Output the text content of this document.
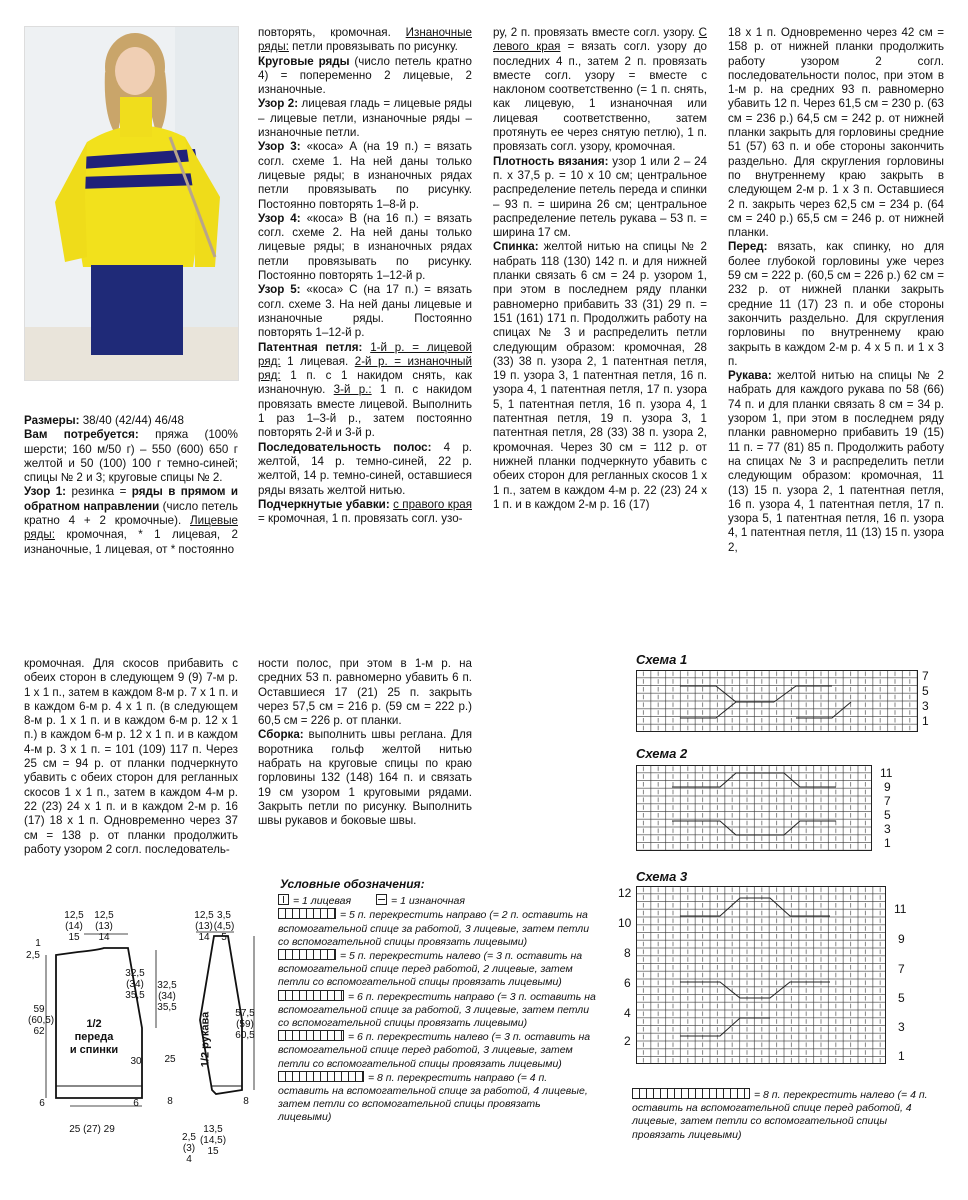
Размеры: 38/40 (42/44) 46/48

Вам потребуется: пряжа (100% шерсти; 160 м/50 г) – 550 (600) 650 г желтой и 50 (100) 100 г темно-синей; спицы № 2 и 3; круговые спицы № 2.

Узор 1: резинка = ряды в прямом и обратном направлении (число петель кратно 4 + 2 кромочные). Лицевые ряды: кромочная, * 1 лицевая, 2 изнаночные, 1 лицевая, от * постоянно

повторять, кромочная. Изнаночные ряды: петли провязывать по рисунку.

Круговые ряды (число петель кратно 4) = попеременно 2 лицевые, 2 изнаночные.

Узор 2: лицевая гладь = лицевые ряды – лицевые петли, изнаночные ряды – изнаночные петли.

Узор 3: «коса» А (на 19 п.) = вязать согл. схеме 1. На ней даны только лицевые ряды; в изнаночных рядах петли провязывать по рисунку. Постоянно повторять 1–8-й р.

Узор 4: «коса» В (на 16 п.) = вязать согл. схеме 2. На ней даны только лицевые ряды; в изнаночных рядах петли провязывать по рисунку. Постоянно повторять 1–12-й р.

Узор 5: «коса» С (на 17 п.) = вязать согл. схеме 3. На ней даны лицевые и изнаночные ряды. Постоянно повторять 1–12-й р.

Патентная петля: 1-й р. = лицевой ряд: 1 лицевая. 2-й р. = изнаночный ряд: 1 п. с 1 накидом снять, как изнаночную. 3-й р.: 1 п. с накидом провязать вместе лицевой. Выполнить 1 раз 1–3-й р., затем постоянно повторять 2-й и 3-й р.

Последовательность полос: 4 р. желтой, 14 р. темно-синей, 22 р. желтой, 14 р. темно-синей, оставшиеся ряды вязать желтой нитью.

Подчеркнутые убавки: с правого края = кромочная, 1 п. провязать согл. узо-

ру, 2 п. провязать вместе согл. узору. С левого края = вязать согл. узору до последних 4 п., затем 2 п. провязать вместе согл. узору = вместе с наклоном соответственно (= 1 п. снять, как лицевую, 1 изнаночная или лицевая соответственно, затем протянуть ее через снятую петлю), 1 п. провязать согл. узору, кромочная.

Плотность вязания: узор 1 или 2 – 24 п. х 37,5 р. = 10 х 10 см; центральное распределение петель переда и спинки – 93 п. = ширина 26 см; центральное распределение петель рукава – 53 п. = ширина 17 см.

Спинка: желтой нитью на спицы № 2 набрать 118 (130) 142 п. и для нижней планки связать 6 см = 24 р. узором 1, при этом в последнем ряду планки равномерно прибавить 33 (31) 29 п. = 151 (161) 171 п. Продолжить работу на спицах № 3 и распределить петли следующим образом: кромочная, 28 (33) 38 п. узора 2, 1 патентная петля, 19 п. узора 3, 1 патентная петля, 16 п. узора 4, 1 патентная петля, 17 п. узора 5, 1 патентная петля, 16 п. узора 4, 1 патентная петля, 19 п. узора 3, 1 патентная петля, 28 (33) 38 п. узора 2, кромочная. Через 30 см = 112 р. от нижней планки подчеркнуто убавить с обеих сторон для регланных скосов 1 х 1 п., затем в каждом 4-м р. 22 (23) 24 х 1 п. и в каждом 2-м р. 16 (17)

18 х 1 п. Одновременно через 42 см = 158 р. от нижней планки продолжить работу узором 2 согл. последовательности полос, при этом в 1-м р. на средних 93 п. равномерно убавить 12 п. Через 61,5 см = 230 р. (63 см = 236 р.) 64,5 см = 242 р. от нижней планки закрыть для горловины средние 51 (57) 63 п. и обе стороны закончить раздельно. Для скругления горловины по внутреннему краю закрыть в следующем 2-м р. 1 х 3 п. Оставшиеся 2 п. закрыть через 62,5 см = 234 р. (64 см = 240 р.) 65,5 см = 246 р. от нижней планки.

Перед: вязать, как спинку, но для более глубокой горловины уже через 59 см = 222 р. (60,5 см = 226 р.) 62 см = 232 р. от нижней планки закрыть средние 11 (17) 23 п. и обе стороны закончить раздельно. Для скругления горловины по внутреннему краю закрыть в каждом 2-м р. 4 х 5 п. и 1 х 3 п.

Рукава: желтой нитью на спицы № 2 набрать для каждого рукава по 58 (66) 74 п. и для планки связать 8 см = 34 р. узором 1, при этом в последнем ряду планки равномерно прибавить 19 (15) 11 п. = 77 (81) 85 п. Продолжить работу на спицах № 3 и распределить петли следующим образом: кромочная, 11 (13) 15 п. узора 2, 1 патентная петля, 16 п. узора 4, 1 патентная петля, 17 п. узора 5, 1 патентная петля, 16 п. узора 4, 1 патентная петля, 11 (13) 15 п. узора 2,

кромочная. Для скосов прибавить с обеих сторон в следующем 9 (9) 7-м р. 1 х 1 п., затем в каждом 8-м р. 7 х 1 п. и в каждом 6-м р. 4 х 1 п. (в следующем 8-м р. 1 х 1 п. и в каждом 6-м р. 12 х 1 п.) в каждом 6-м р. 12 х 1 п. и в каждом 4-м р. 3 х 1 п. = 101 (109) 117 п. Через 25 см = 94 р. от планки подчеркнуто убавить с обеих сторон для регланных скосов 1 х 1 п., затем в каждом 4-м р. 22 (23) 24 х 1 п. и в каждом 2-м р. 16 (17) 18 х 1 п. Одновременно через 37 см = 138 р. от планки продолжить работу узором 2 согл. последователь-

ности полос, при этом в 1-м р. на средних 53 п. равномерно убавить 6 п. Оставшиеся 17 (21) 25 п. закрыть через 57,5 см = 216 р. (59 см = 222 р.) 60,5 см = 226 р. от планки.

Сборка: выполнить швы реглана. Для воротника гольф желтой нитью набрать на круговые спицы по краю горловины 132 (148) 164 п. и связать 19 см узором 1 круговыми рядами. Закрыть петли по рисунку. Выполнить швы рукавов и боковые швы.

Схема 1
7
5
3
1
Схема 2
11
9
7
5
3
1
Схема 3
12
10
8
6
4
2
11
9
7
5
3
1
Условные обозначения:
= 1 лицевая	= 1 изнаночная
= 5 п. перекрестить направо (= 2 п. оставить на вспомогательной спице за работой, 3 лицевые, затем петли со вспомогательной спицы провязать лицевыми)
= 5 п. перекрестить налево (= 3 п. оставить на вспомогательной спице перед работой, 2 лицевые, затем петли со вспомогательной спицы провязать лицевыми)
= 6 п. перекрестить направо (= 3 п. оставить на вспомогательной спице за работой, 3 лицевые, затем петли со вспомогательной спицы провязать лицевыми)
= 6 п. перекрестить налево (= 3 п. оставить на вспомогательной спице перед работой, 3 лицевые, затем петли со вспомогательной спицы провязать лицевыми)
= 8 п. перекрестить направо (= 4 п. оставить на вспомогательной спице за работой, 4 лицевые, затем петли со вспомогательной спицы провязать лицевыми)
= 8 п. перекрестить налево (= 4 п. оставить на вспомогательной спице перед работой, 4 лицевые, затем петли со вспомогательной спицы провязать лицевыми)
12,5
(14)
15
12,5
(13)
14
12,5
(13)
14
3,5
(4,5)
5
1
2,5
59
(60,5)
62
32,5
(34)
35,5
30
6
6
25 (27) 29
32,5
(34)
35,5
25
8
57,5
(59)
60,5
8
2,5
(3)
4
13,5
(14,5)
15
1/2
переда
и спинки	1/2 рукава
